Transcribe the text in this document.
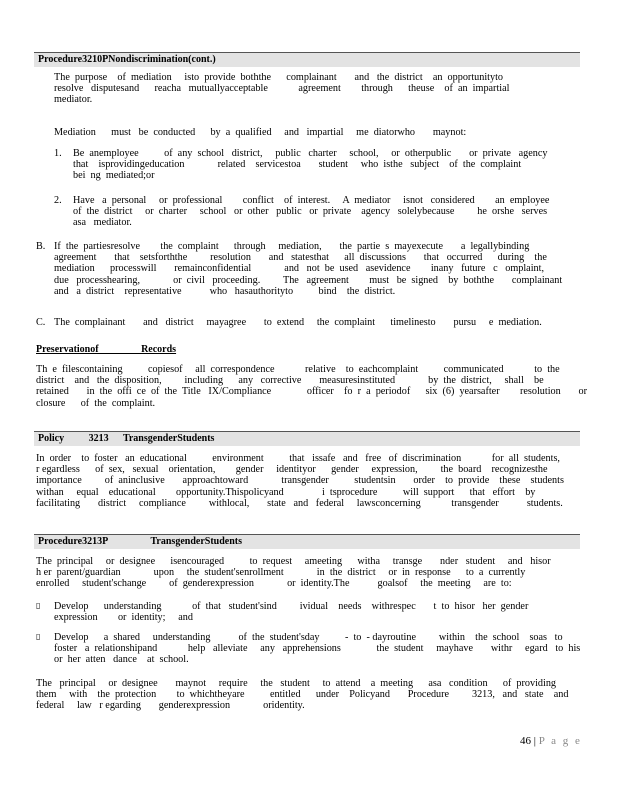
Procedure3210PNondiscrimination(cont.)
The  purpose    of  mediation     isto  provide  boththe      complainant       and   the  district    an  opportunityto
resolve   disputesand      reacha   mutuallyacceptable            agreement        through      theuse    of  an  impartial
mediator.
Mediation      must   be  conducted      by  a  qualified     and   impartial     me  diatorwho       maynot:
1. Be  anemployee          of  any  school   district,     public   charter     school,     or  otherpublic       or  private   agency
that    isprovidingeducation             related    servicestoa       student     who  isthe   subject    of  the  complaint
bei  ng  mediated;or
2. Have   a  personal     or  professional        conflict    of  interest.     A  mediator     isnot   considered        an  employee
of  the  district     or  charter     school   or  other   public   or  private    agency   solelybecause         he  orshe   serves
asa   mediator.
B. If  the  partiesresolve        the  complaint      through     mediation,       the  partie  s  mayexecute       a  legallybinding
agreement       that    setsforththe         resolution       and   statesthat      all  discussions       that   occurred      during    the
mediation      processwill       remainconfidential             and   not  be  used   asevidence        inany   future   c   omplaint,
due   processhearing,             or  civil   proceeding.         The   agreement        must   be  signed    by  boththe       complainant
and   a  district    representative           who   hasauthorityto          bind    the  district.
C. The  complainant       and   district     mayagree       to  extend     the  complaint      timelinesto       pursu     e  mediation.
Preservationof                 Records
Th  e  filescontaining          copiesof     all  correspondence            relative    to  eachcomplaint          communicated            to  the
district    and   the  disposition,         including      any   corrective       measuresinstituted             by  the  district,     shall    be
retained       in  the  offi  ce  of  the  Title   IX/Compliance              officer    fo  r  a  periodof      six  (6)  yearsafter        resolution       or
closure      of  the  complaint.
Policy 3213 TransgenderStudents
In  order    to  foster   an  educational          environment          that   issafe   and   free   of  discrimination            for  all  students,
r egardless      of  sex,   sexual    orientation,        gender     identityor      gender     expression,         the  board    recognizesthe
importance         of  aninclusive       approachtoward             transgender          studentsin       order    to  provide    these    students
withan     equal    educational        opportunity.Thispolicyand               i  tsprocedure          will  support      that   effort    by
facilitating       district     compliance         withlocal,       state   and   federal     lawsconcerning            transgender           students.
Procedure3213P	TransgenderStudents
The  principal     or  designee      isencouraged          to  request     ameeting      witha     transge       nder   student     and   hisor
h er  parent/guardian             upon     the  student'senrollment             in  the  district     or  in  response      to  a  currently
enrolled     student'schange         of  genderexpression             or  identity.The           goalsof     the  meeting     are  to:
▯ Develop      understanding            of  that   student'sind         ividual    needs    withrespec       t  to  hisor   her  gender
expression        or  identity;     and
▯ Develop      a  shared     understanding           of  the  student'sday          -  to  - dayroutine         within    the  school    soas   to
foster   a  relationshipand            help   alleviate     any   apprehensions              the  student     mayhave       withr     egard   to  his
or  her  atten   dance    at  school.
The   principal     or  designee       maynot     require     the   student     to  attend    a  meeting      asa   condition      of  providing
them     with    the  protection        to  whichtheyare          entitled      under    Policyand       Procedure         3213,   and   state    and
federal     law   r egarding       genderexpression             oridentity.
46 | P a g e
